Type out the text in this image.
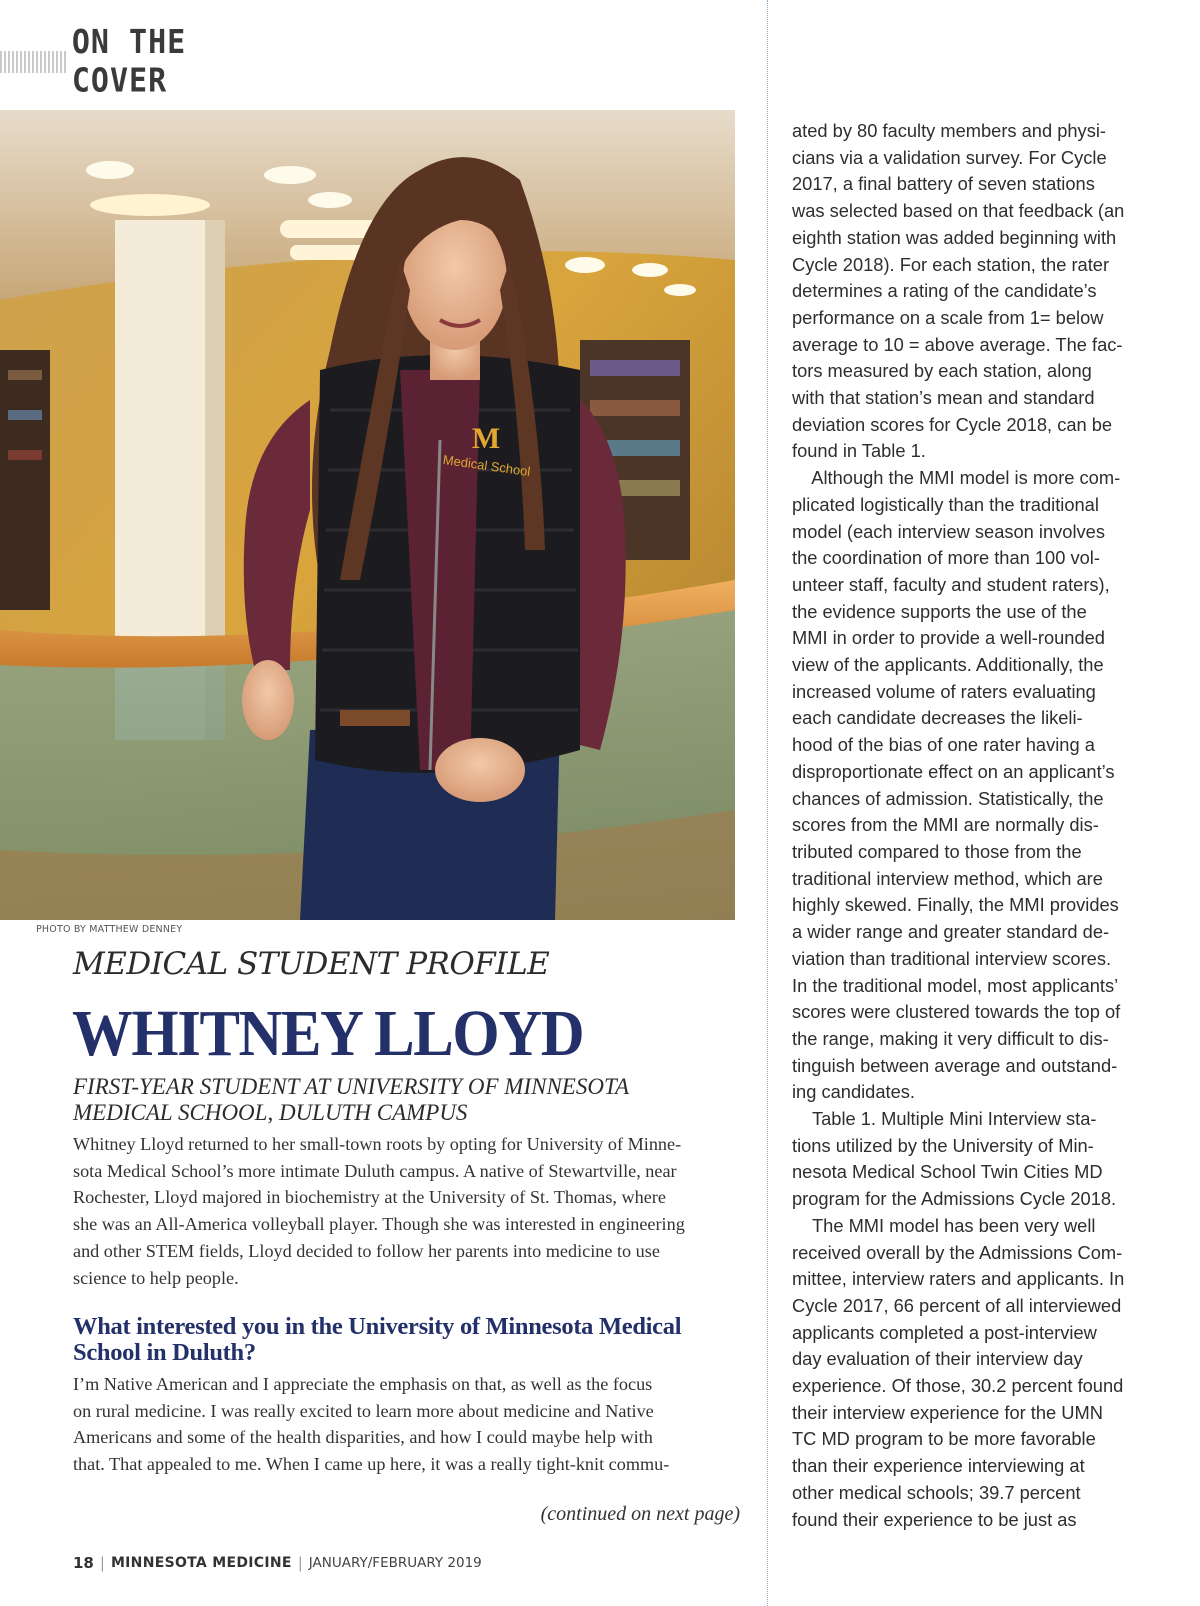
ON THE COVER
M
Medical School
PHOTO BY MATTHEW DENNEY
MEDICAL STUDENT PROFILE
WHITNEY LLOYD
FIRST-YEAR STUDENT AT UNIVERSITY OF MINNESOTA
MEDICAL SCHOOL, DULUTH CAMPUS
Whitney Lloyd returned to her small-town roots by opting for University of Minne-
sota Medical School’s more intimate Duluth campus. A native of Stewartville, near
Rochester, Lloyd majored in biochemistry at the University of St. Thomas, where
she was an All-America volleyball player. Though she was interested in engineering
and other STEM fields, Lloyd decided to follow her parents into medicine to use
science to help people.
What interested you in the University of Minnesota Medical School in Duluth?
I’m Native American and I appreciate the emphasis on that, as well as the focus
on rural medicine. I was really excited to learn more about medicine and Native
Americans and some of the health disparities, and how I could maybe help with
that. That appealed to me. When I came up here, it was a really tight-knit commu-
(continued on next page)
ated by 80 faculty members and physi-
cians via a validation survey. For Cycle
2017, a final battery of seven stations
was selected based on that feedback (an
eighth station was added beginning with
Cycle 2018). For each station, the rater
determines a rating of the candidate’s
performance on a scale from 1= below
average to 10 = above average. The fac-
tors measured by each station, along
with that station’s mean and standard
deviation scores for Cycle 2018, can be
found in Table 1.
Although the MMI model is more com-
plicated logistically than the traditional
model (each interview season involves
the coordination of more than 100 vol-
unteer staff, faculty and student raters),
the evidence supports the use of the
MMI in order to provide a well-rounded
view of the applicants. Additionally, the
increased volume of raters evaluating
each candidate decreases the likeli-
hood of the bias of one rater having a
disproportionate effect on an applicant’s
chances of admission. Statistically, the
scores from the MMI are normally dis-
tributed compared to those from the
traditional interview method, which are
highly skewed. Finally, the MMI provides
a wider range and greater standard de-
viation than traditional interview scores.
In the traditional model, most applicants’
scores were clustered towards the top of
the range, making it very difficult to dis-
tinguish between average and outstand-
ing candidates.
Table 1. Multiple Mini Interview sta-
tions utilized by the University of Min-
nesota Medical School Twin Cities MD
program for the Admissions Cycle 2018.
The MMI model has been very well
received overall by the Admissions Com-
mittee, interview raters and applicants. In
Cycle 2017, 66 percent of all interviewed
applicants completed a post-interview
day evaluation of their interview day
experience. Of those, 30.2 percent found
their interview experience for the UMN
TC MD program to be more favorable
than their experience interviewing at
other medical schools; 39.7 percent
found their experience to be just as
18 | MINNESOTA MEDICINE | JANUARY/FEBRUARY 2019
